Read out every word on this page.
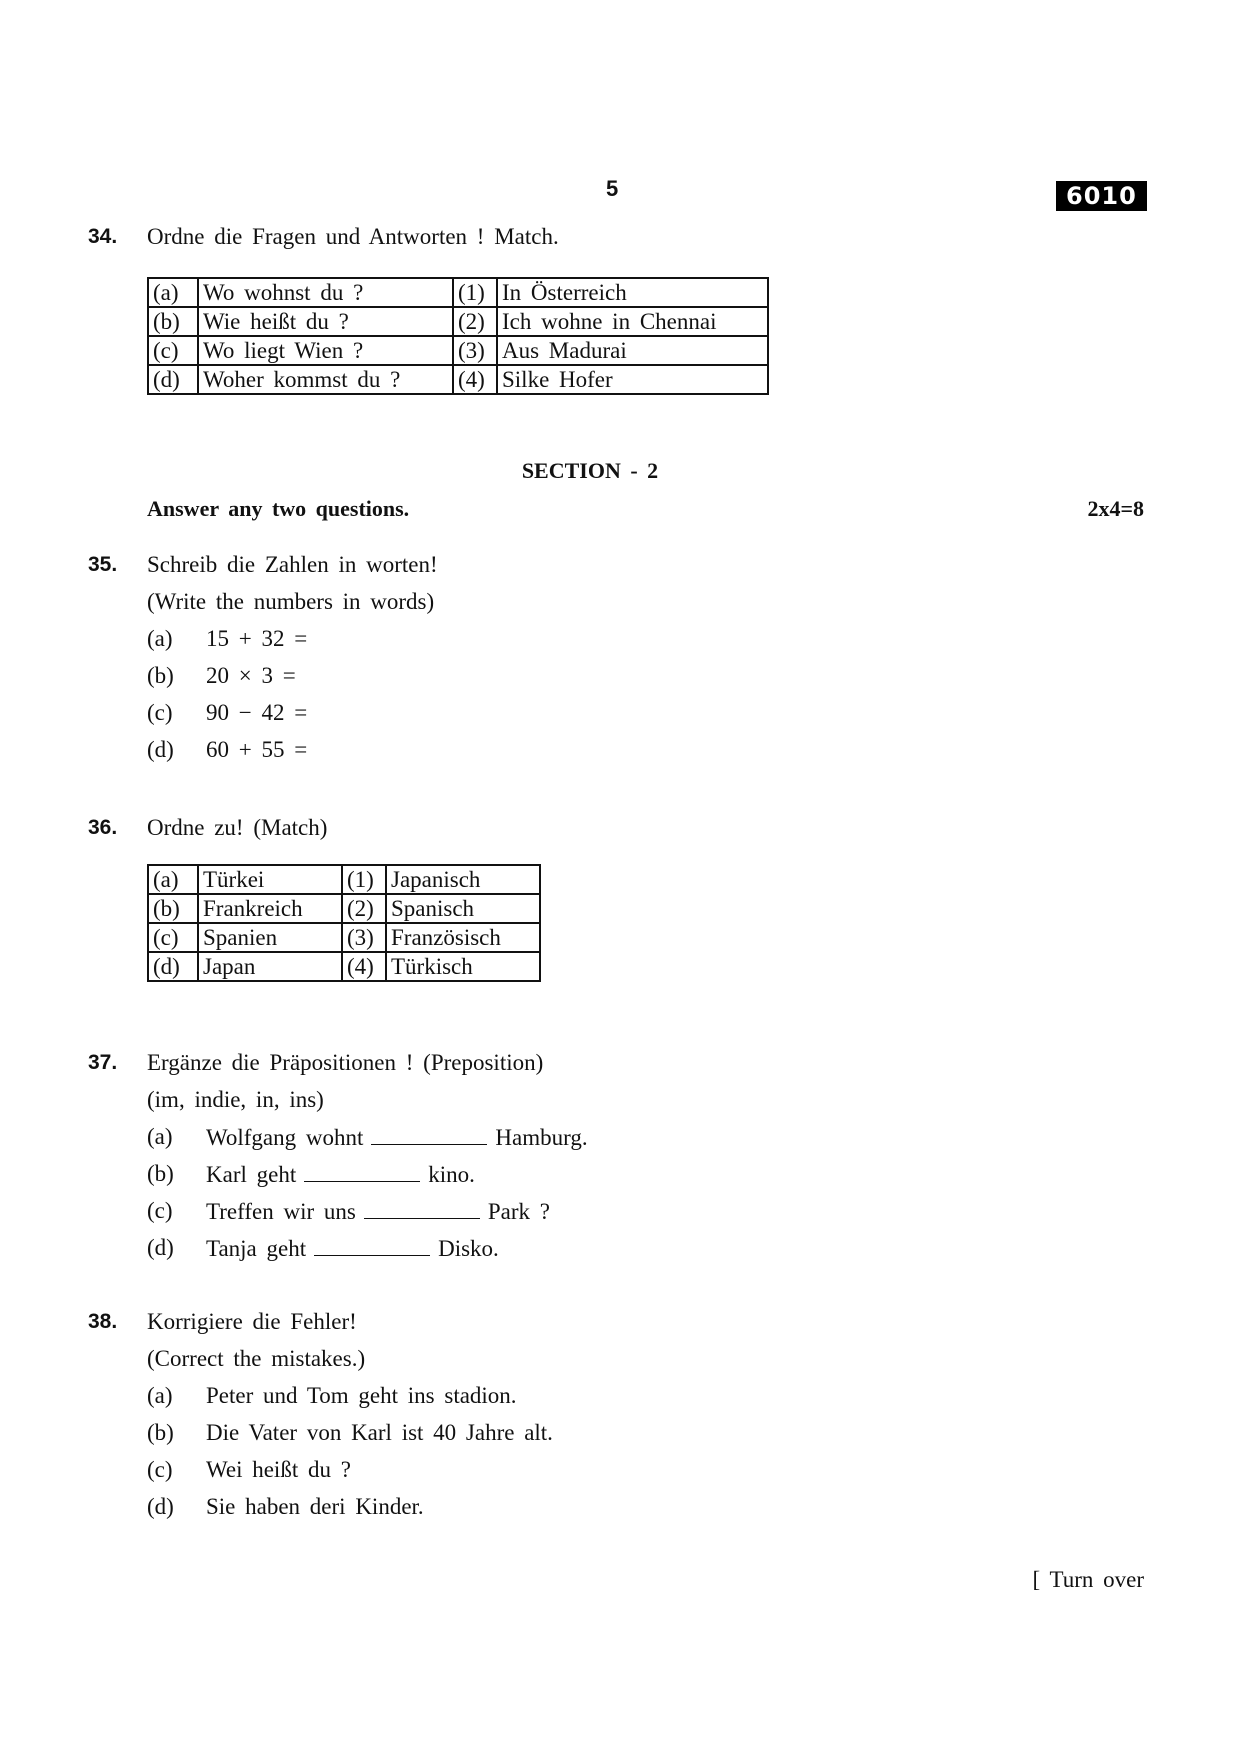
5	6010
34. Ordne die Fragen und Antworten ! Match.
(a)	Wo wohnst du ?	(1)	In Österreich
(b)	Wie heißt du ?	(2)	Ich wohne in Chennai
(c)	Wo liegt Wien ?	(3)	Aus Madurai
(d)	Woher kommst du ?	(4)	Silke Hofer
SECTION - 2
Answer any two questions.	2x4=8
35. Schreib die Zahlen in worten!
(Write the numbers in words)
(a) 15 + 32 =
(b) 20 × 3 =
(c) 90 − 42 =
(d) 60 + 55 =
36. Ordne zu! (Match)
(a)	Türkei	(1)	Japanisch
(b)	Frankreich	(2)	Spanisch
(c)	Spanien	(3)	Französisch
(d)	Japan	(4)	Türkisch
37. Ergänze die Präpositionen ! (Preposition)
(im, indie, in, ins)
(a) Wolfgang wohnt	Hamburg.
(b) Karl geht	kino.
(c) Treffen wir uns	Park ?
(d) Tanja geht	Disko.
38. Korrigiere die Fehler!
(Correct the mistakes.)
(a) Peter und Tom geht ins stadion.
(b) Die Vater von Karl ist 40 Jahre alt.
(c) Wei heißt du ?
(d) Sie haben deri Kinder.
[ Turn over
